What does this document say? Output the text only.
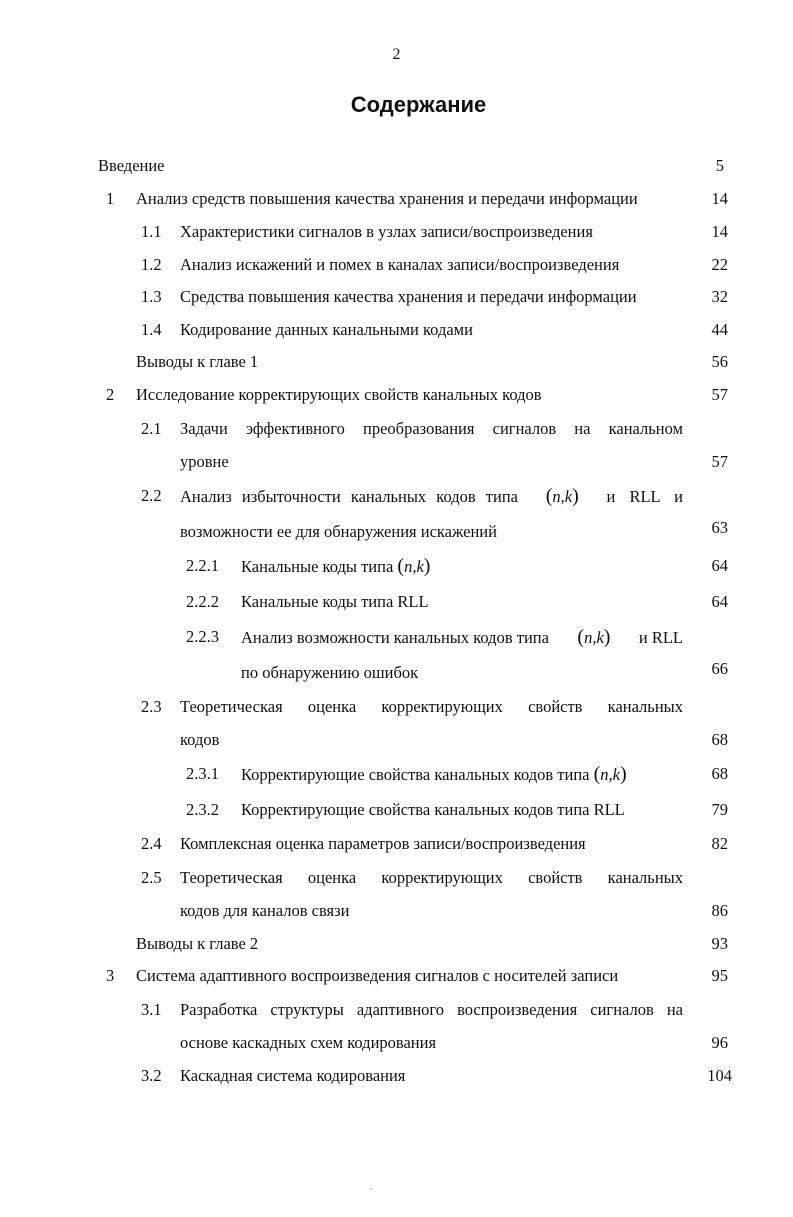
2
Содержание
Введение	5
1 Анализ средств повышения качества хранения и передачи информации	14
1.1 Характеристики сигналов в узлах записи/воспроизведения	14
1.2 Анализ искажений и помех в каналах записи/воспроизведения	22
1.3 Средства повышения качества хранения и передачи информации	32
1.4 Кодирование данных канальными кодами	44
Выводы к главе 1	56
2 Исследование корректирующих свойств канальных кодов	57
2.1 Задачи эффективного преобразования сигналов на канальном
уровне	57
2.2 Анализ избыточности канальных кодов типа (n,k) и RLL и
возможности ее для обнаружения искажений	63
2.2.1 Канальные коды типа (n,k)	64
2.2.2 Канальные коды типа RLL	64
2.2.3 Анализ возможности канальных кодов типа (n,k) и RLL
по обнаружению ошибок	66
2.3 Теоретическая оценка корректирующих свойств канальных
кодов	68
2.3.1 Корректирующие свойства канальных кодов типа (n,k)	68
2.3.2 Корректирующие свойства канальных кодов типа RLL	79
2.4 Комплексная оценка параметров записи/воспроизведения	82
2.5 Теоретическая оценка корректирующих свойств канальных
кодов для каналов связи	86
Выводы к главе 2	93
3 Система адаптивного воспроизведения сигналов с носителей записи	95
3.1 Разработка структуры адаптивного воспроизведения сигналов на
основе каскадных схем кодирования	96
3.2 Каскадная система кодирования	104
